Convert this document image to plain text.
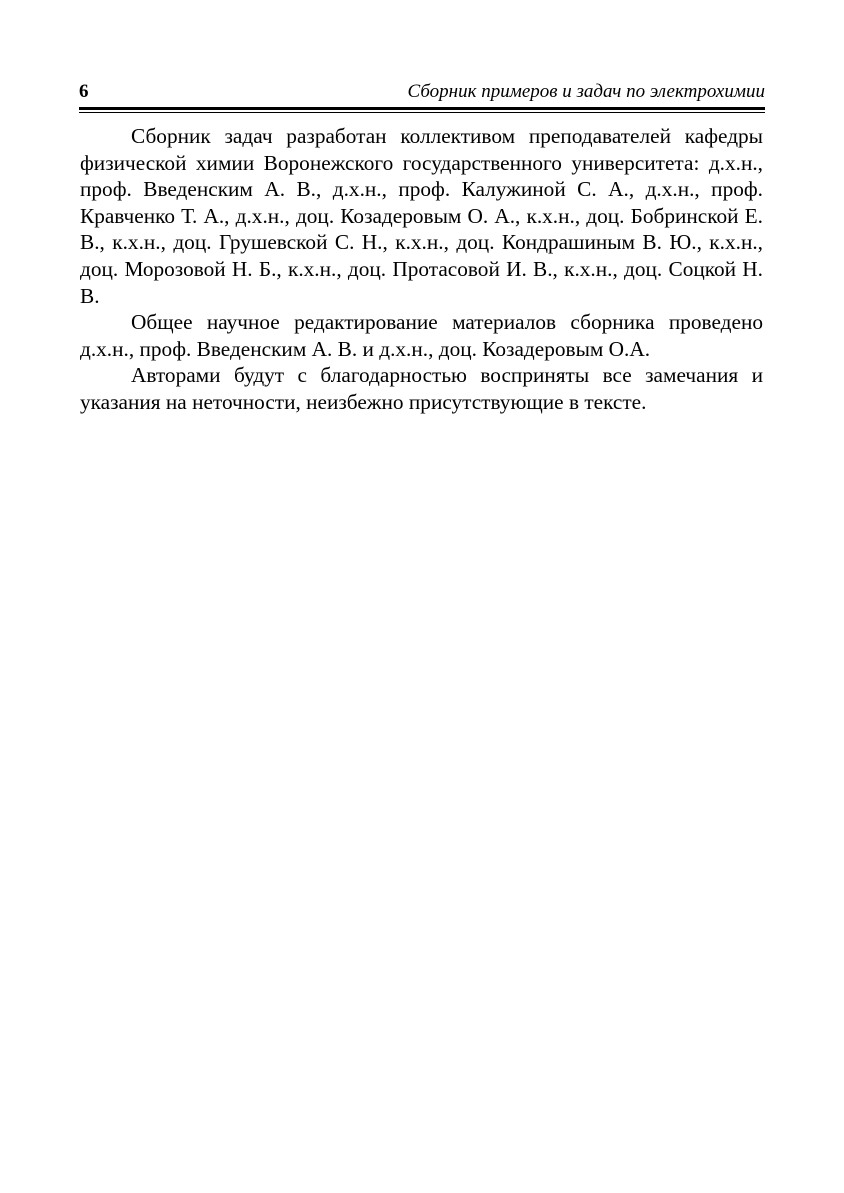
6	Сборник примеров и задач по электрохимии

Сборник задач разработан коллективом преподавателей кафедры физической химии Воронежского государственного университета: д.х.н., проф. Введенским А. В., д.х.н., проф. Калужиной С. А., д.х.н., проф. Кравченко Т. А., д.х.н., доц. Козадеровым О. А., к.х.н., доц. Бобринской Е. В., к.х.н., доц. Грушевской С. Н., к.х.н., доц. Кондрашиным В. Ю., к.х.н., доц. Морозовой Н. Б., к.х.н., доц. Протасовой И. В., к.х.н., доц. Соцкой Н. В.

Общее научное редактирование материалов сборника проведено д.х.н., проф. Введенским А. В. и д.х.н., доц. Козадеровым О.А.

Авторами будут с благодарностью восприняты все замечания и указания на неточности, неизбежно присутствующие в тексте.
